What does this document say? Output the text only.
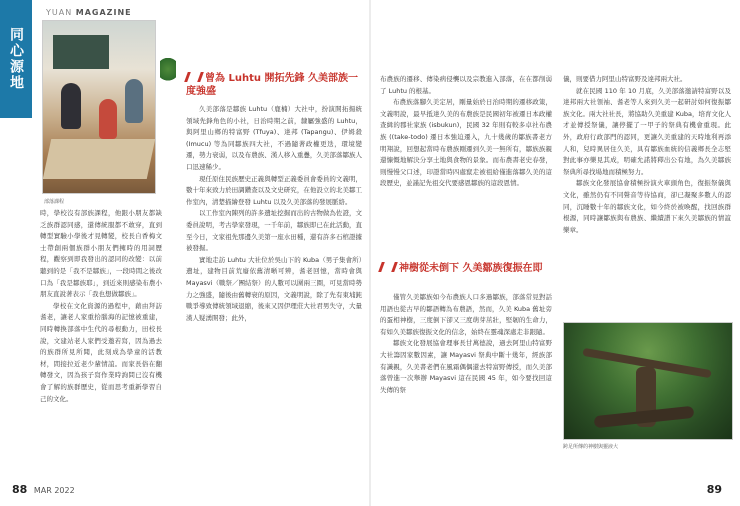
同心源地
YUAN MAGAZINE
部落課程
曾為 Luhtu 開拓先鋒 久美部族一度強盛

時，學校沒有部族課程，他跟小朋友都缺乏族群認同感，還傳統服都不敢穿，直到轉型實驗小學後才見轉變，校長自香梅文士帶創兩個族群小朋友們擁時的用詞歷程，觀察到即我發出的認同的改變：以前聽到的是「我不是鄒族」，一段時間之後改口為「我是鄒族耶」，到近來則感染布農小朋友直說著表示「我也想做鄒族」。

學校在文化資源的過程中，藉由拜訪耆老，讓老人家重拾腦海的記憶被重建，同時轉換部落中生代的尋根動力，田校長說，文建站老人家們受邀若寫，因為過去的族群所見所聞，此刻成為學童的活教材，間接拉近老少輩情誼。而家長俗在翻轉發文，因為孩子寫作業時詢問已沒有機會了解的族群歷史，從而思考重新學習自己的文化。

久美部落是鄒族 Luhtu（鹿楠）大社中，扮演開拓揚統領域先鋒角色的小社，日治時期之前，隸屬強盛的 Luhtu，與阿里山鄉的特富野 (Tfuya)、達邦 (Tapangu)、伊姆殺 (Imucu) 等為同鄒族四大社，不過隨著政權更迭，環境變遷，勢力衰弱，以及布農族、漢人移入重疊，久美部落鄒族人口迅速稀少。

現任原住民族歷史正義與轉型正義委員會委員的文義明，數十年來致力於田調鑽查以及文史研究，在他設立的北美鄒工作室內，清楚描繪登發 Luhtu 以及久美部落的發展脈絡。

以工作室內陳列的許多遺址挖掘而出的古物做為佐證，文委員說明，考古學家發現，一千年前，鄒族即已在此活動，直至今日，文家祖先那邊久美第一座水田種，還有許多石棺證據被發掘。

實地走訪 Luhtu 大社位於吳山下的 Kuba（男子集會所）遺址，建物目前荒廢依舊清晰可辨，耆老回憶，當時會與 Mayasvi（戰祭／團結祭）的人數可以圍兩三圈，可見當時勢力之強盛，隨後由舊轉衰的原因，文義明說，除了先有東埔鈍戰爭導致傳統領域退縮，後來又因伊理莊大社君男失守，大量漢人疑湧開發；此外，

88 MAR 2022

布農族的遷移、傳染病侵襲以及宗教進入部落，在在都削弱了 Luhtu 的根基。

布農族落腳久美定居，剛量始於日治時期的遷移政策，文義明說，最早抵達久美的布農族是民國初年被遷日本政權查緝的郡社家族 (isbukun)，民國 32 年則有較多卓社布農族 ((take-todo) 遷日本強迫遷入，九十幾歲的鄒族書老方明翔說，回想起當時布農族剛遷到久美一無所有，鄒族族親還慷慨地解決分享土地與食物的景象。而布農書老史春發，則慢慢父口述，印證當時四處竄走被祖給僅進落鄒久美的這段歷史，並謹記先祖交代要感恩鄒族的這段恩情。

神樹從未倒下 久美鄒族復振在即

僅管久美鄒族如今布農族人口多過鄒族，部落常見對話用語也從古早的鄒語轉為布農語，然而，久美 Kuba 舊址旁的蛋相神樹，三度倒下卻又三度萌芽茁壯，堅韌的生命力，有如久美鄒族復振文化的信念，始終在靈魂深處走非跟隨。

鄒族文化發展協會理事長甘萬德說，過去阿里山特富野大社籌因家數因素，讓 Mayasvi 祭典中斷十幾年，經族部有識親，久美書老們在風霜偶偶還去特富野傳授，而久美部落曾進一次舉辦 Mayasvi 這在民國 45 年，如今要找回這失傳的祭

儀，則要借力阿里山特富野及達邦兩大社。

就在民國 110 年 10 月底，久美部落邀請特富野以及達邦兩大社領袖、耆老等人來到久美一起研討如何復振鄒族文化。兩大社社長，將協助久美重建 Kuba，培育文化人才並傳授祭儀，讓停擺了一甲子的祭典有機會重現。此外，政府行政部門的認同，更讓久美重建的天時地利再添人和，兒時異居住久美，具有鄒族血統的信義鄉長全志堅對此事亦樂見其成，明確允諾將釋出公有地，為久美鄒族祭典所尋找場地而積極努力。

鄒族文化發展協會積極扮演火車頭角色，復振祭儀與文化，雖然仍有不同聲音等待協商，卻已凝聚多數人的認同，沉睡數十年的鄒族文化，如今終於被喚醒，找回族群根源，同時讓鄒族與布農族、繼續譜下來久美鄒族的情誼樂章。

跨足所傳的神樹與靈液大
89
